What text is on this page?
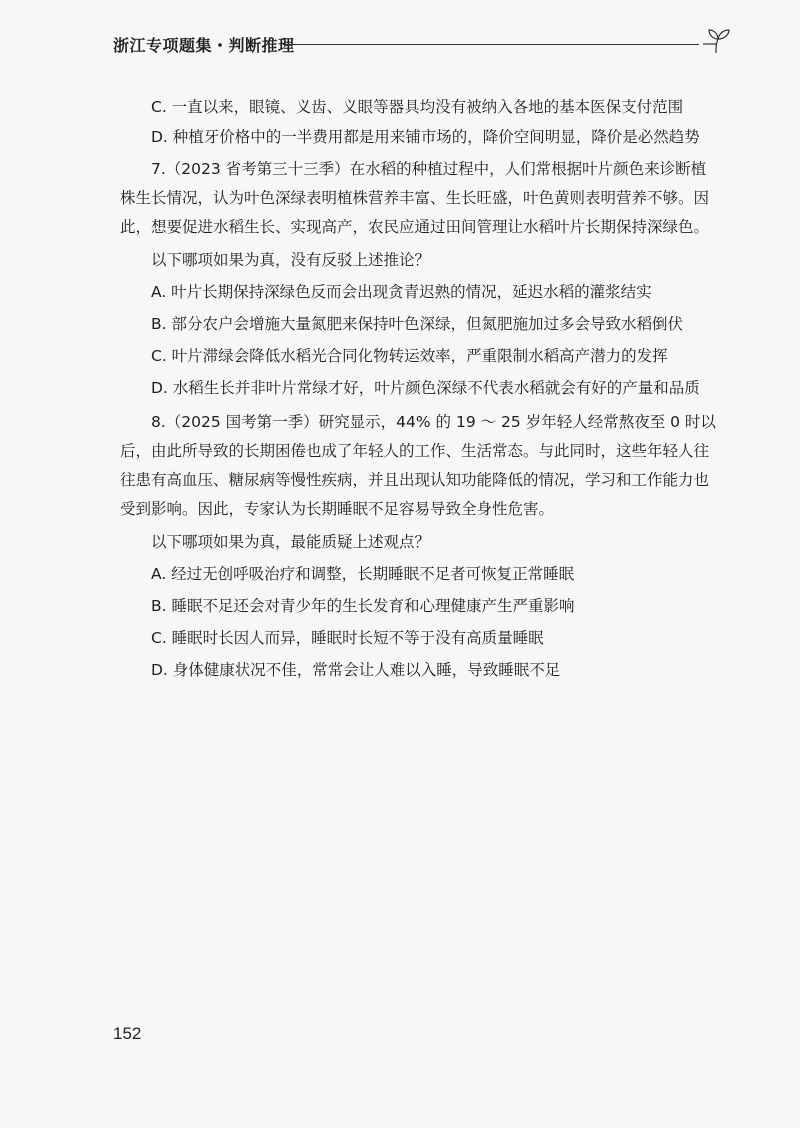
浙江专项题集・判断推理
C. 一直以来，眼镜、义齿、义眼等器具均没有被纳入各地的基本医保支付范围
D. 种植牙价格中的一半费用都是用来铺市场的，降价空间明显，降价是必然趋势
7.（2023 省考第三十三季）在水稻的种植过程中，人们常根据叶片颜色来诊断植株生长情况，认为叶色深绿表明植株营养丰富、生长旺盛，叶色黄则表明营养不够。因此，想要促进水稻生长、实现高产，农民应通过田间管理让水稻叶片长期保持深绿色。
以下哪项如果为真，没有反驳上述推论？
A. 叶片长期保持深绿色反而会出现贪青迟熟的情况，延迟水稻的灌浆结实
B. 部分农户会增施大量氮肥来保持叶色深绿，但氮肥施加过多会导致水稻倒伏
C. 叶片滞绿会降低水稻光合同化物转运效率，严重限制水稻高产潜力的发挥
D. 水稻生长并非叶片常绿才好，叶片颜色深绿不代表水稻就会有好的产量和品质
8.（2025 国考第一季）研究显示，44% 的 19 ～ 25 岁年轻人经常熬夜至 0 时以后，由此所导致的长期困倦也成了年轻人的工作、生活常态。与此同时，这些年轻人往往患有高血压、糖尿病等慢性疾病，并且出现认知功能降低的情况，学习和工作能力也受到影响。因此，专家认为长期睡眠不足容易导致全身性危害。
以下哪项如果为真，最能质疑上述观点？
A. 经过无创呼吸治疗和调整，长期睡眠不足者可恢复正常睡眠
B. 睡眠不足还会对青少年的生长发育和心理健康产生严重影响
C. 睡眠时长因人而异，睡眠时长短不等于没有高质量睡眠
D. 身体健康状况不佳，常常会让人难以入睡，导致睡眠不足
152
